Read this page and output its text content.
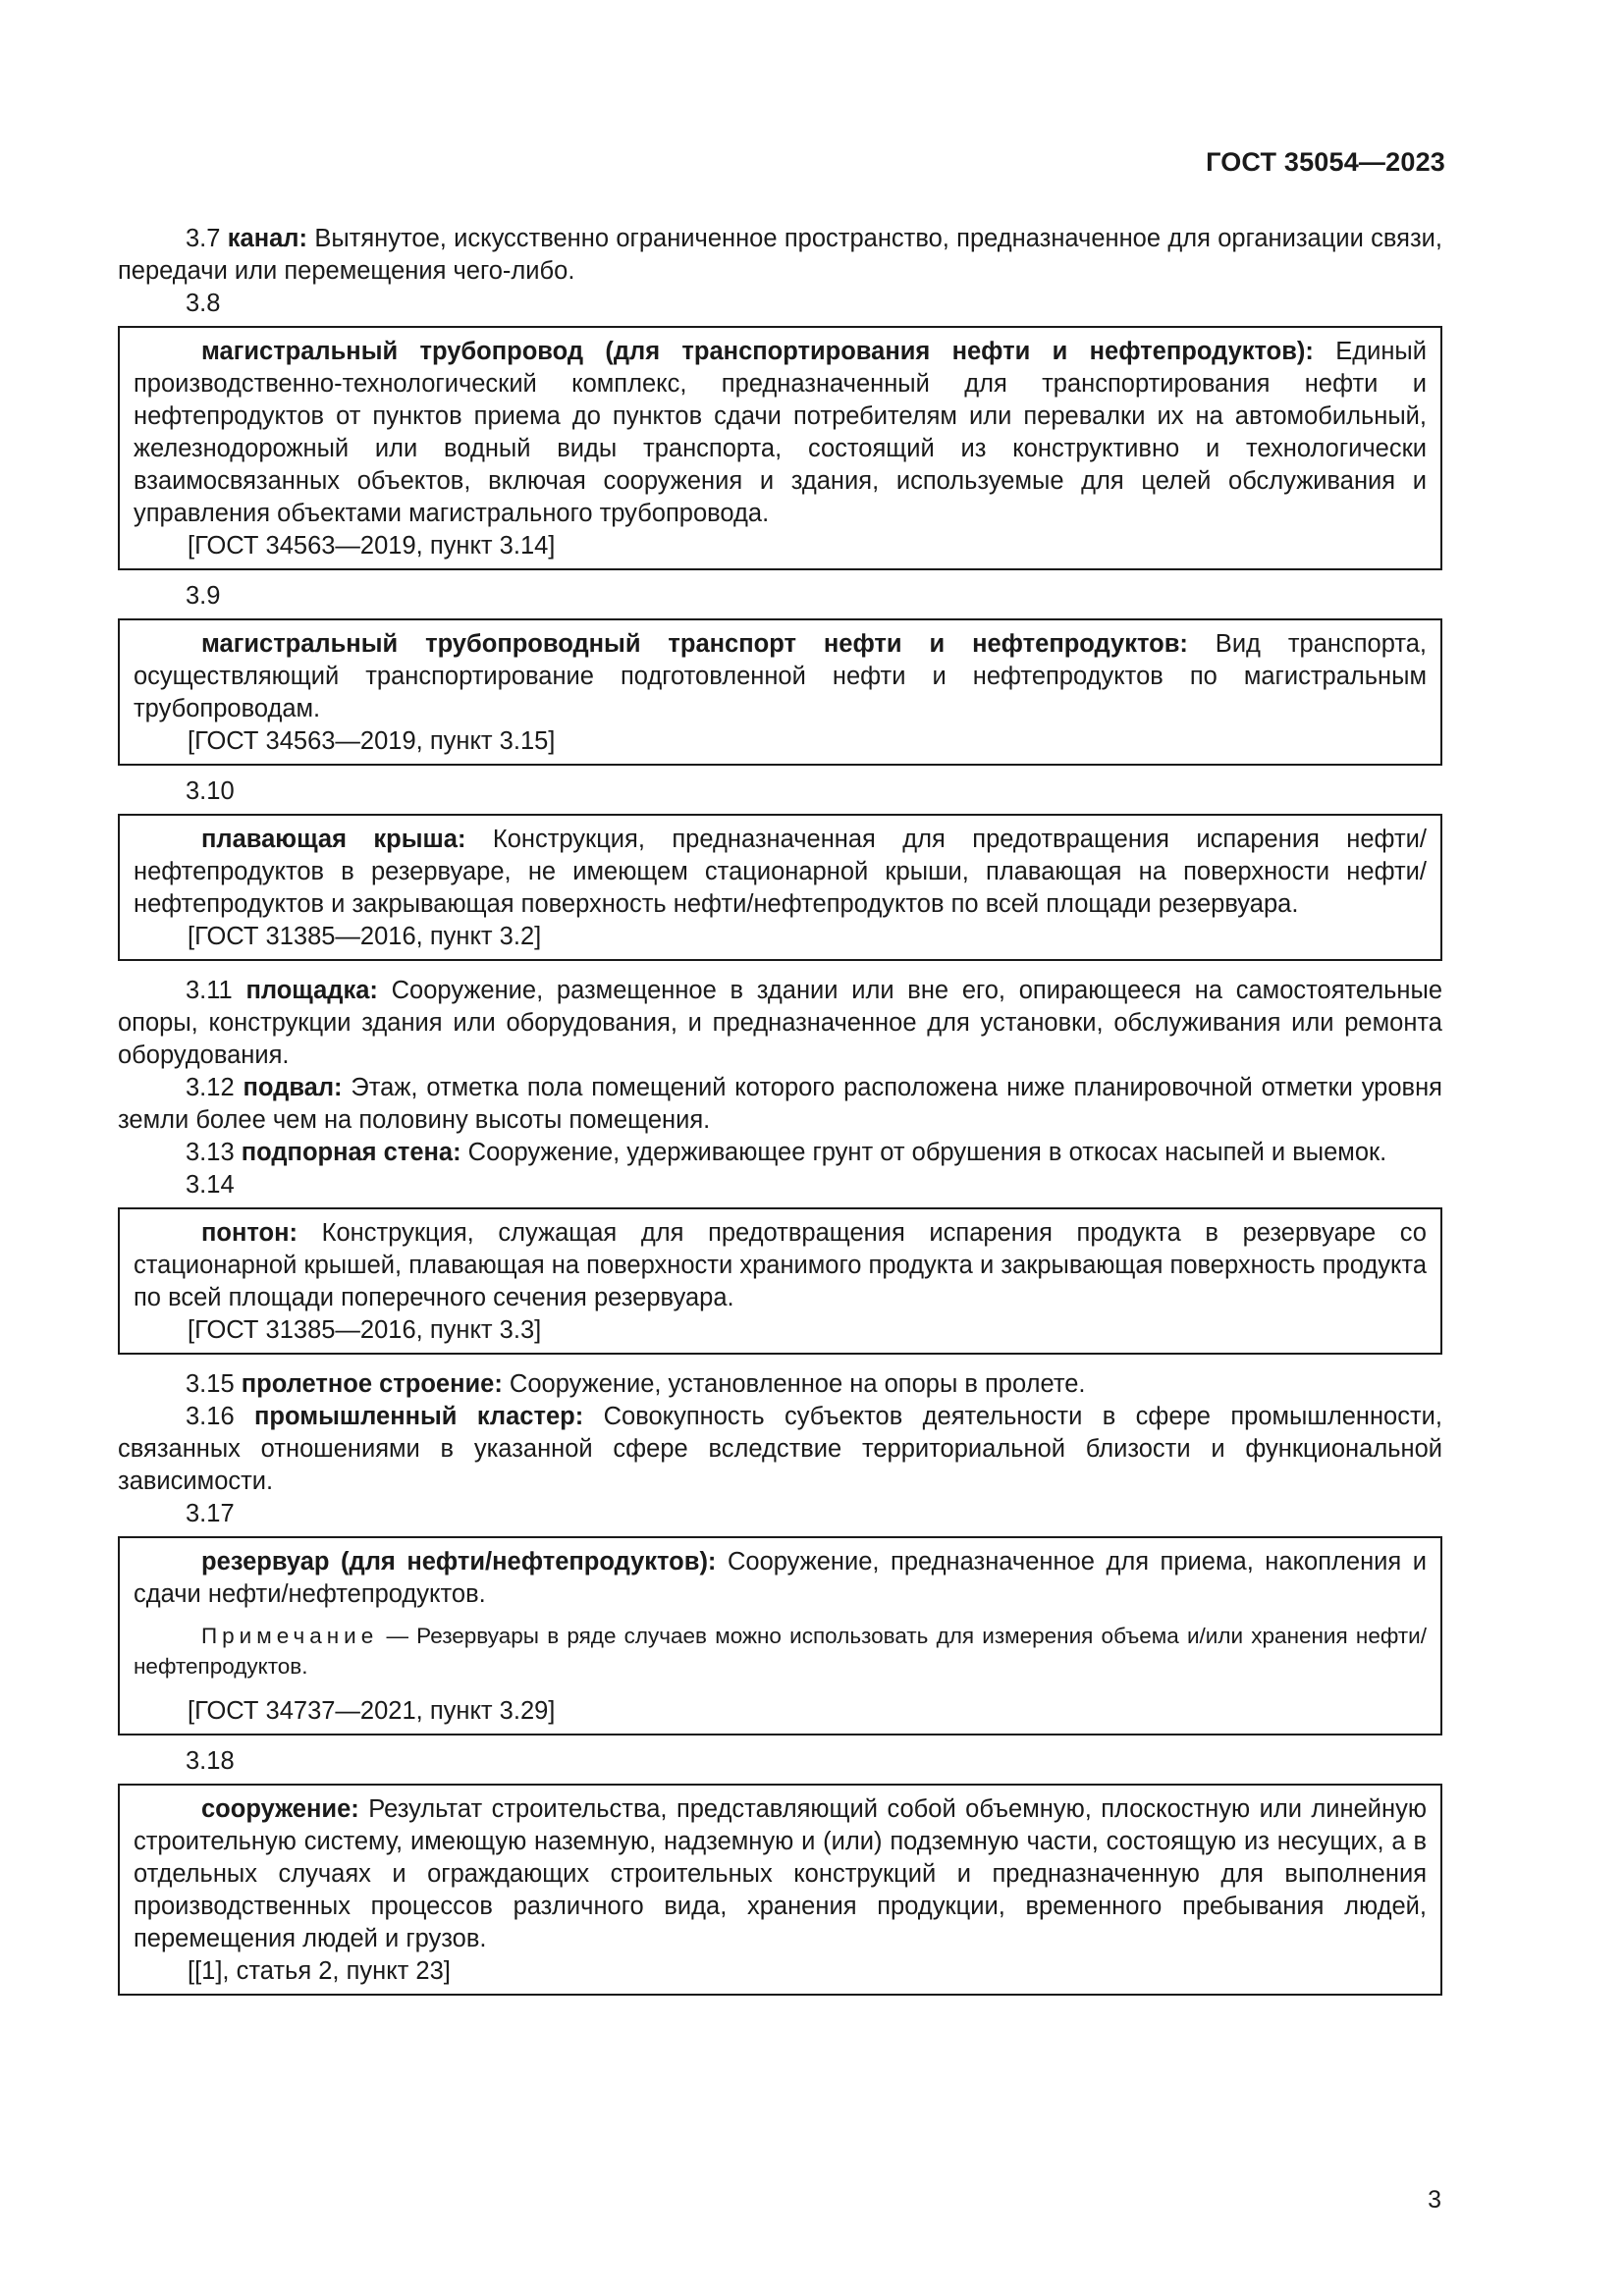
ГОСТ 35054—2023

3.7 канал: Вытянутое, искусственно ограниченное пространство, предназначенное для организации связи, передачи или перемещения чего-либо.

3.8

магистральный трубопровод (для транспортирования нефти и нефтепродуктов): Единый производственно-технологический комплекс, предназначенный для транспортирования нефти и нефтепродуктов от пунктов приема до пунктов сдачи потребителям или перевалки их на автомобильный, железнодорожный или водный виды транспорта, состоящий из конструктивно и технологически взаимосвязанных объектов, включая сооружения и здания, используемые для целей обслуживания и управления объектами магистрального трубопровода.

[ГОСТ 34563—2019, пункт 3.14]

3.9

магистральный трубопроводный транспорт нефти и нефтепродуктов: Вид транспорта, осуществляющий транспортирование подготовленной нефти и нефтепродуктов по магистральным трубопроводам.

[ГОСТ 34563—2019, пункт 3.15]

3.10

плавающая крыша: Конструкция, предназначенная для предотвращения испарения нефти/нефтепродуктов в резервуаре, не имеющем стационарной крыши, плавающая на поверхности нефти/нефтепродуктов и закрывающая поверхность нефти/нефтепродуктов по всей площади резервуара.

[ГОСТ 31385—2016, пункт 3.2]

3.11 площадка: Сооружение, размещенное в здании или вне его, опирающееся на самостоятельные опоры, конструкции здания или оборудования, и предназначенное для установки, обслуживания или ремонта оборудования.

3.12 подвал: Этаж, отметка пола помещений которого расположена ниже планировочной отметки уровня земли более чем на половину высоты помещения.

3.13 подпорная стена: Сооружение, удерживающее грунт от обрушения в откосах насыпей и выемок.

3.14

понтон: Конструкция, служащая для предотвращения испарения продукта в резервуаре со стационарной крышей, плавающая на поверхности хранимого продукта и закрывающая поверхность продукта по всей площади поперечного сечения резервуара.

[ГОСТ 31385—2016, пункт 3.3]

3.15 пролетное строение: Сооружение, установленное на опоры в пролете.

3.16 промышленный кластер: Совокупность субъектов деятельности в сфере промышленности, связанных отношениями в указанной сфере вследствие территориальной близости и функциональной зависимости.

3.17

резервуар (для нефти/нефтепродуктов): Сооружение, предназначенное для приема, накопления и сдачи нефти/нефтепродуктов.

Примечание — Резервуары в ряде случаев можно использовать для измерения объема и/или хранения нефти/нефтепродуктов.

[ГОСТ 34737—2021, пункт 3.29]

3.18

сооружение: Результат строительства, представляющий собой объемную, плоскостную или линейную строительную систему, имеющую наземную, надземную и (или) подземную части, состоящую из несущих, а в отдельных случаях и ограждающих строительных конструкций и предназначенную для выполнения производственных процессов различного вида, хранения продукции, временного пребывания людей, перемещения людей и грузов.

[[1], статья 2, пункт 23]

3
